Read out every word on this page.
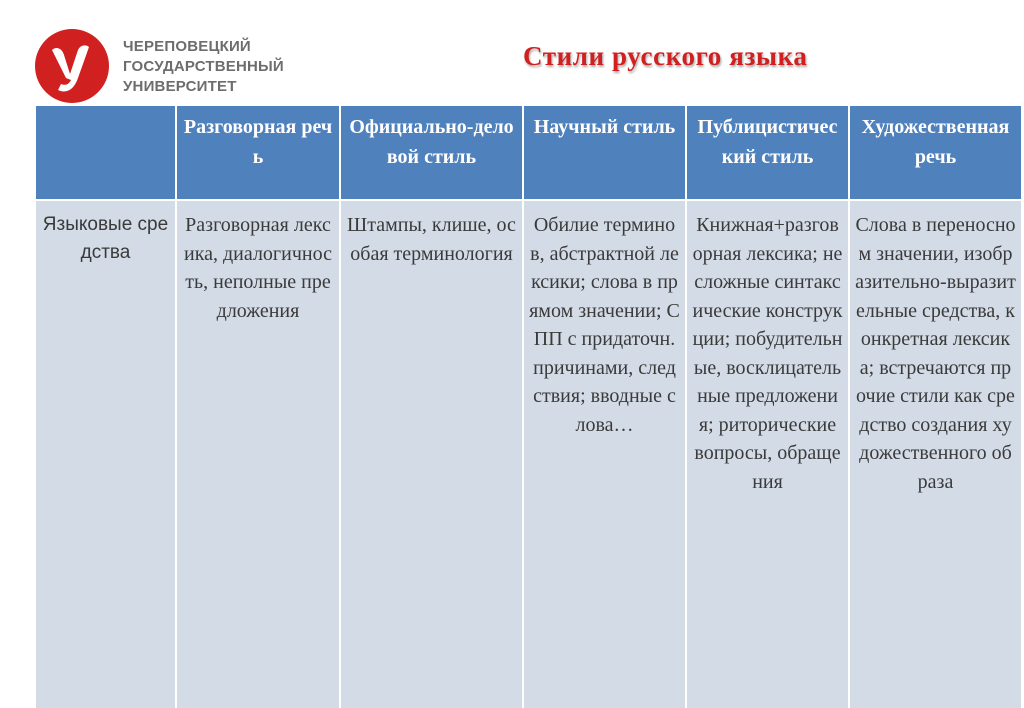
ЧЕРЕПОВЕЦКИЙ
ГОСУДАРСТВЕННЫЙ
УНИВЕРСИТЕТ
Стили русского языка
	Разговорная речь	Официально-деловой стиль	Научный стиль	Публицистический стиль	Художественная речь
Языковые средства	Разговорная лексика, диалогичность, неполные предложения	Штампы, клише, особая терминология	Обилие терминов, абстрактной лексики; слова в прямом значении; СПП с придаточн. причинами, следствия; вводные слова…	Книжная+разговорная лексика; несложные синтаксические конструкции; побудительные, восклицательные предложения; риторические вопросы, обращения	Слова в переносном значении, изобразительно-выразительные средства, конкретная лексика; встречаются прочие стили как средство создания художественного образа
